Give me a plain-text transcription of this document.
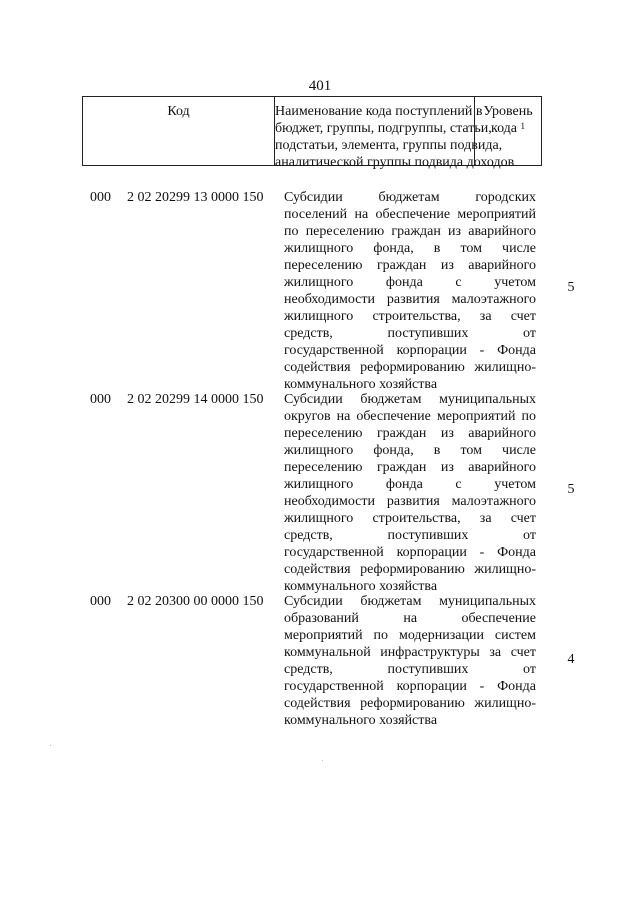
401
Код	Наименование кода поступлений в
бюджет, группы, подгруппы, статьи,
подстатьи, элемента, группы подвида,
аналитической группы подвида доходов
Уровень
кода $^1$
000 2 02 20299 13 0000 150 Субсидии бюджетам городских
поселений на обеспечение мероприятий
по переселению граждан из аварийного
жилищного фонда, в том числе
переселению граждан из аварийного
жилищного фонда с учетом
необходимости развития малоэтажного
жилищного строительства, за счет
средств, поступивших от
государственной корпорации - Фонда
содействия реформированию жилищно-
коммунального хозяйства
5
000 2 02 20299 14 0000 150 Субсидии бюджетам муниципальных
округов на обеспечение мероприятий по
переселению граждан из аварийного
жилищного фонда, в том числе
переселению граждан из аварийного
жилищного фонда с учетом
необходимости развития малоэтажного
жилищного строительства, за счет
средств, поступивших от
государственной корпорации - Фонда
содействия реформированию жилищно-
коммунального хозяйства
5
000 2 02 20300 00 0000 150 Субсидии бюджетам муниципальных
образований на обеспечение
мероприятий по модернизации систем
коммунальной инфраструктуры за счет
средств, поступивших от
государственной корпорации - Фонда
содействия реформированию жилищно-
коммунального хозяйства
4
